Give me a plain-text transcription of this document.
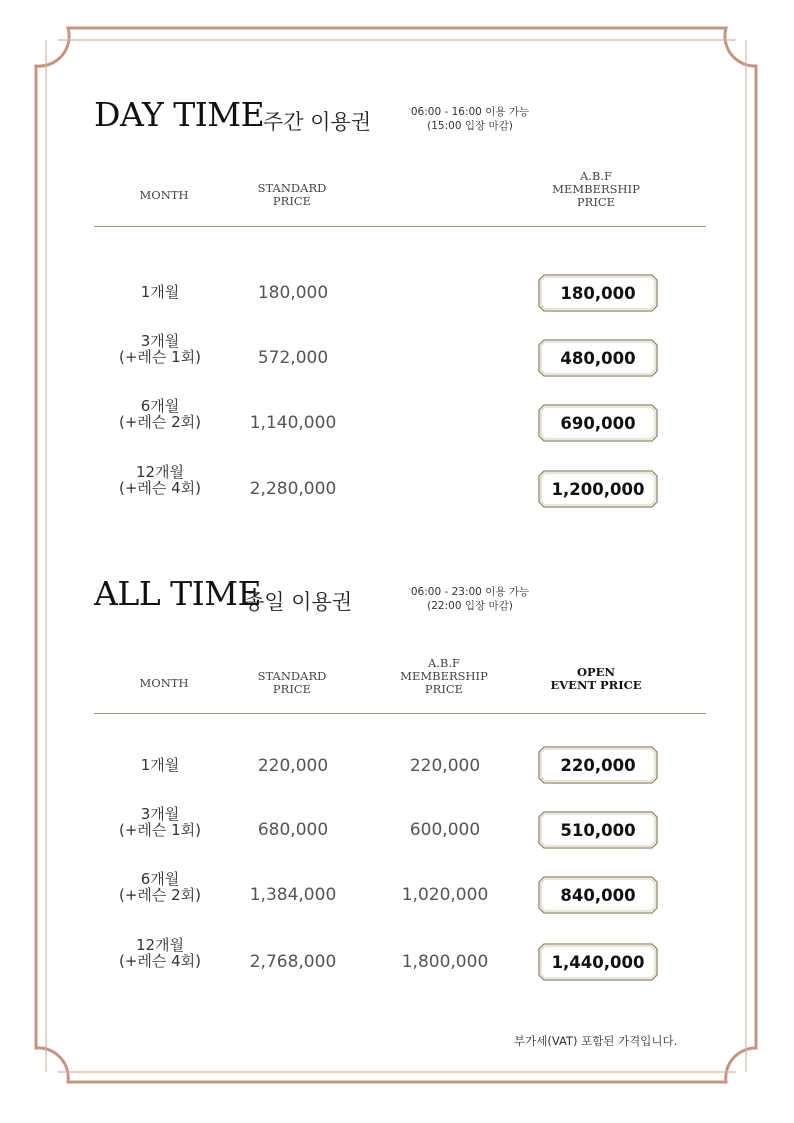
DAY TIME
주간 이용권	06:00 - 16:00 이용 가능
(15:00 입장 마감)
MONTH	STANDARD
PRICE
A.B.F
MEMBERSHIP
PRICE
1개월	180,000	180,000
3개월
(+레슨 1회)	572,000	480,000
6개월
(+레슨 2회)	1,140,000	690,000
12개월
(+레슨 4회)	2,280,000	1,200,000
ALL TIME
종일 이용권	06:00 - 23:00 이용 가능
(22:00 입장 마감)
MONTH	STANDARD
PRICE
A.B.F
MEMBERSHIP
PRICE
OPEN
EVENT PRICE
1개월	220,000	220,000	220,000
3개월
(+레슨 1회)	680,000	600,000	510,000
6개월
(+레슨 2회)	1,384,000	1,020,000	840,000
12개월
(+레슨 4회)	2,768,000	1,800,000	1,440,000
부가세(VAT) 포함된 가격입니다.
